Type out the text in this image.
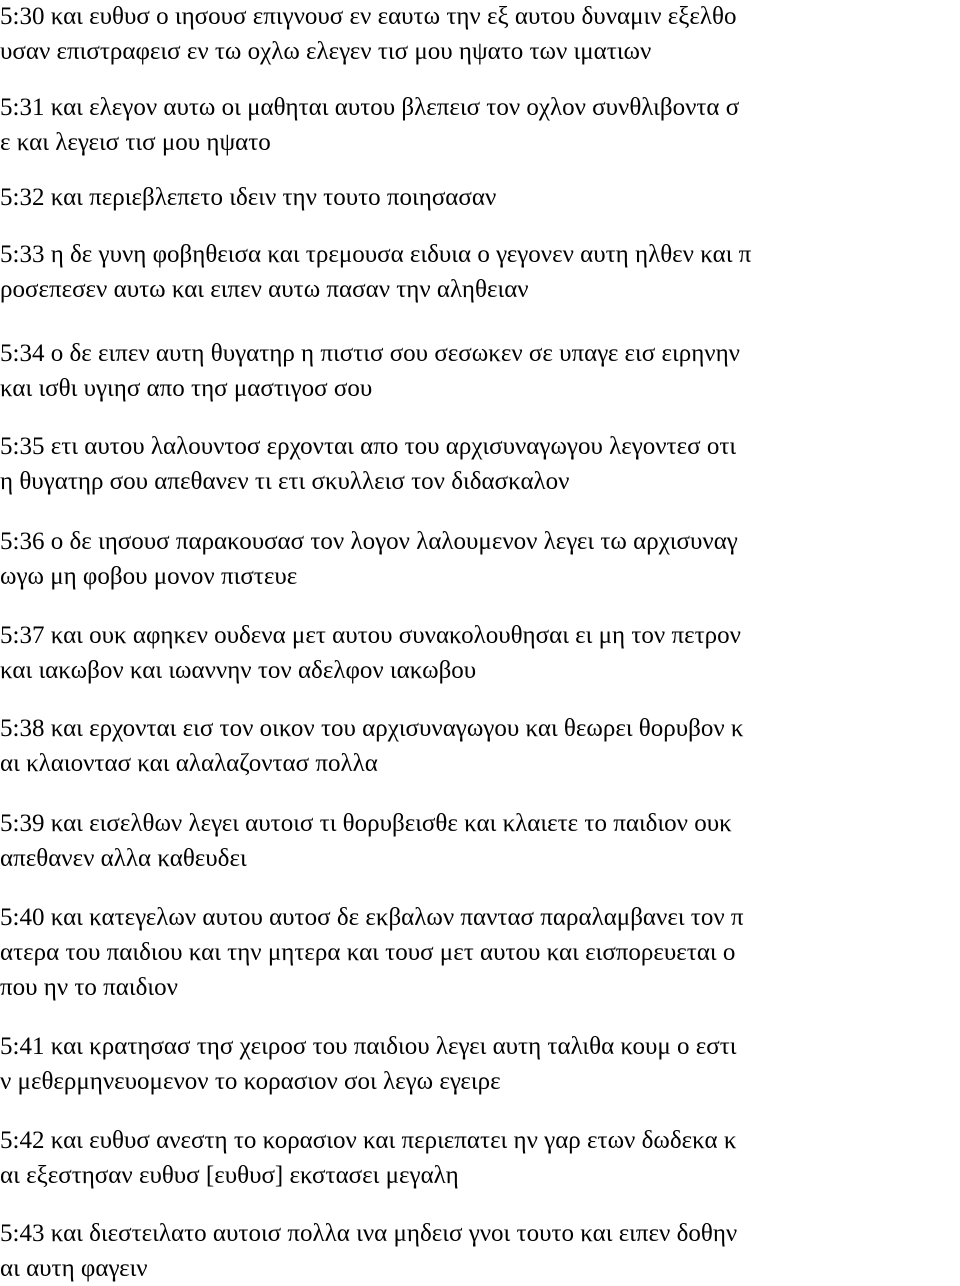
5:30 και ευθυσ ο ιησουσ επιγνουσ εν εαυτω την εξ αυτου δυναμιν εξελθο
υσαν επιστραφεισ εν τω οχλω ελεγεν τισ μου ηψατο των ιματιων
5:31 και ελεγον αυτω οι μαθηται αυτου βλεπεισ τον οχλον συνθλιβοντα σ
ε και λεγεισ τισ μου ηψατο
5:32 και περιεβλεπετο ιδειν την τουτο ποιησασαν
5:33 η δε γυνη φοβηθεισα και τρεμουσα ειδυια ο γεγονεν αυτη ηλθεν και π
ροσεπεσεν αυτω και ειπεν αυτω πασαν την αληθειαν
5:34 ο δε ειπεν αυτη θυγατηρ η πιστισ σου σεσωκεν σε υπαγε εισ ειρηνην
και ισθι υγιησ απο τησ μαστιγοσ σου
5:35 ετι αυτου λαλουντοσ ερχονται απο του αρχισυναγωγου λεγοντεσ οτι
η θυγατηρ σου απεθανεν τι ετι σκυλλεισ τον διδασκαλον
5:36 ο δε ιησουσ παρακουσασ τον λογον λαλουμενον λεγει τω αρχισυναγ
ωγω μη φοβου μονον πιστευε
5:37 και ουκ αφηκεν ουδενα μετ αυτου συνακολουθησαι ει μη τον πετρον
και ιακωβον και ιωαννην τον αδελφον ιακωβου
5:38 και ερχονται εισ τον οικον του αρχισυναγωγου και θεωρει θορυβον κ
αι κλαιοντασ και αλαλαζοντασ πολλα
5:39 και εισελθων λεγει αυτοισ τι θορυβεισθε και κλαιετε το παιδιον ουκ
απεθανεν αλλα καθευδει
5:40 και κατεγελων αυτου αυτοσ δε εκβαλων παντασ παραλαμβανει τον π
ατερα του παιδιου και την μητερα και τουσ μετ αυτου και εισπορευεται ο
που ην το παιδιον
5:41 και κρατησασ τησ χειροσ του παιδιου λεγει αυτη ταλιθα κουμ ο εστι
ν μεθερμηνευομενον το κορασιον σοι λεγω εγειρε
5:42 και ευθυσ ανεστη το κορασιον και περιεπατει ην γαρ ετων δωδεκα κ
αι εξεστησαν ευθυσ [ευθυσ] εκστασει μεγαλη
5:43 και διεστειλατο αυτοισ πολλα ινα μηδεισ γνοι τουτο και ειπεν δοθην
αι αυτη φαγειν
